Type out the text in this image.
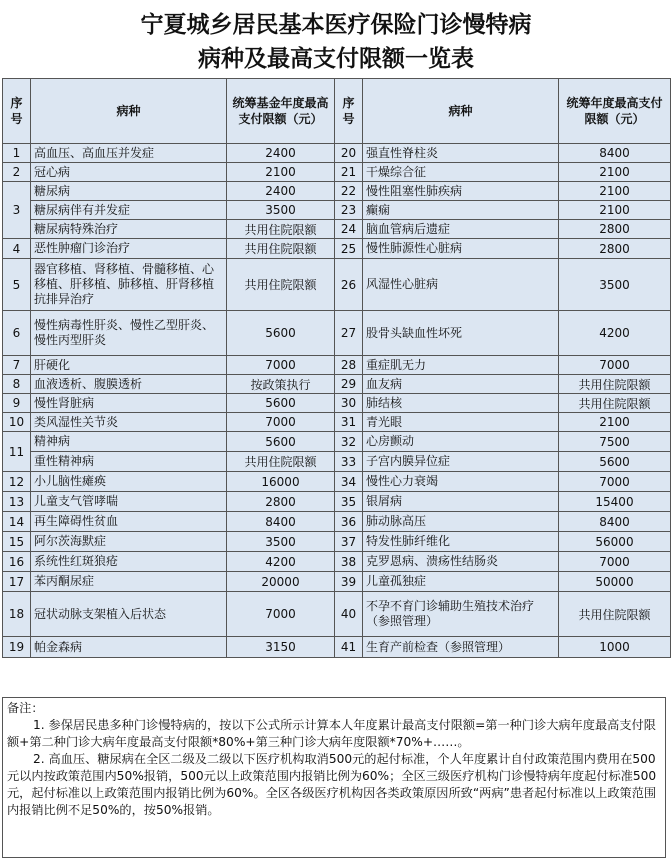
宁夏城乡居民基本医疗保险门诊慢特病
病种及最高支付限额一览表
序号	病种	统筹基金年度最高支付限额（元）	序号	病种	统筹年度最高支付限额（元）
1	高血压、高血压并发症	2400	20	强直性脊柱炎	8400
2	冠心病	2100	21	干燥综合征	2100
3	糖尿病	2400	22	慢性阻塞性肺疾病	2100
	糖尿病伴有并发症	3500	23	癫痫	2100
	糖尿病特殊治疗	共用住院限额	24	脑血管病后遗症	2800
4	恶性肿瘤门诊治疗	共用住院限额	25	慢性肺源性心脏病	2800
5	器官移植、肾移植、骨髓移植、心移植、肝移植、肺移植、肝肾移植抗排异治疗	共用住院限额	26	风湿性心脏病	3500
6	慢性病毒性肝炎、慢性乙型肝炎、慢性丙型肝炎	5600	27	股骨头缺血性坏死	4200
7	肝硬化	7000	28	重症肌无力	7000
8	血液透析、腹膜透析	按政策执行	29	血友病	共用住院限额
9	慢性肾脏病	5600	30	肺结核	共用住院限额
10	类风湿性关节炎	7000	31	青光眼	2100
11	精神病	5600	32	心房颤动	7500
	重性精神病	共用住院限额	33	子宫内膜异位症	5600
12	小儿脑性瘫痪	16000	34	慢性心力衰竭	7000
13	儿童支气管哮喘	2800	35	银屑病	15400
14	再生障碍性贫血	8400	36	肺动脉高压	8400
15	阿尔茨海默症	3500	37	特发性肺纤维化	56000
16	系统性红斑狼疮	4200	38	克罗恩病、溃疡性结肠炎	7000
17	苯丙酮尿症	20000	39	儿童孤独症	50000
18	冠状动脉支架植入后状态	7000	40	不孕不育门诊辅助生殖技术治疗（参照管理）	共用住院限额
19	帕金森病	3150	41	生育产前检查（参照管理）	1000

备注：

1. 参保居民患多种门诊慢特病的，按以下公式所示计算本人年度累计最高支付限额=第一种门诊大病年度最高支付限额+第二种门诊大病年度最高支付限额*80%+第三种门诊大病年度限额*70%+……。

2. 高血压、糖尿病在全区二级及二级以下医疗机构取消500元的起付标准，个人年度累计自付政策范围内费用在500元以内按政策范围内50%报销，500元以上政策范围内报销比例为60%；全区三级医疗机构门诊慢特病年度起付标准500元，起付标准以上政策范围内报销比例为60%。全区各级医疗机构因各类政策原因所致“两病”患者起付标准以上政策范围内报销比例不足50%的，按50%报销。
